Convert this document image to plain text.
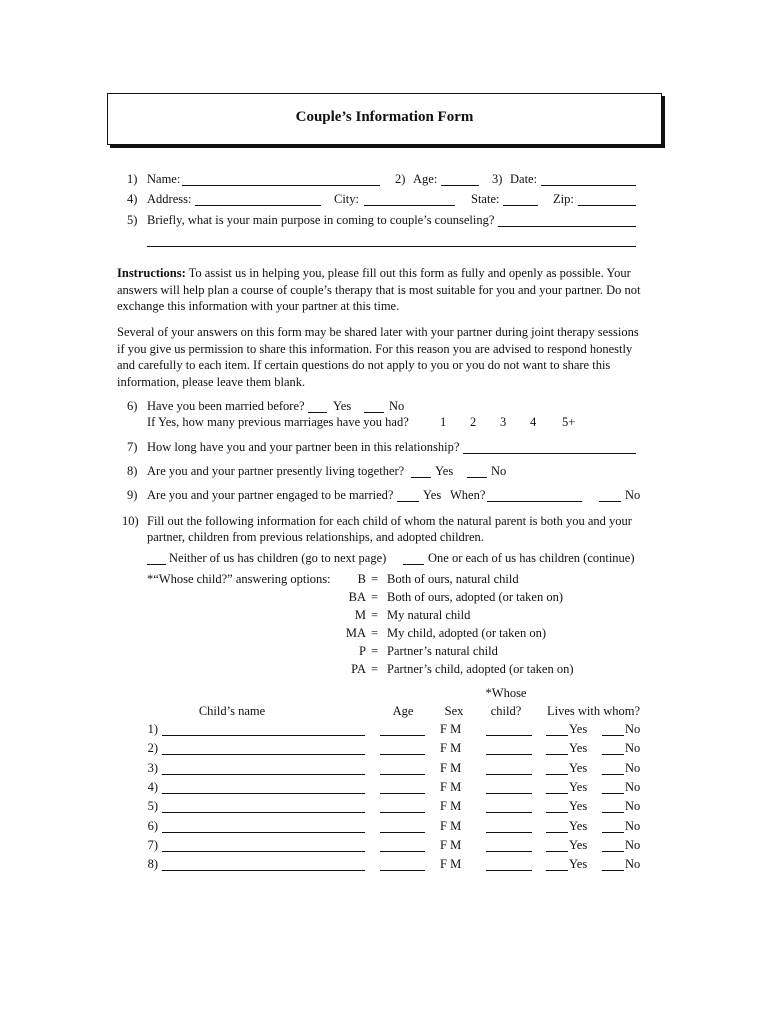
Couple’s Information Form
1) Name:	2) Age:	3) Date:
4) Address:	City:	State:	Zip:
5) Briefly, what is your main purpose in coming to couple’s counseling?
Instructions: To assist us in helping you, please fill out this form as fully and openly as possible. Your answers will help plan a course of couple’s therapy that is most suitable for you and your partner. Do not exchange this information with your partner at this time.
Several of your answers on this form may be shared later with your partner during joint therapy sessions if you give us permission to share this information. For this reason you are advised to respond honestly and carefully to each item. If certain questions do not apply to you or you do not want to share this information, please leave them blank.
6) Have you been married before? Yes	No
If Yes, how many previous marriages have you had?	1 2 3 4 5+
7) How long have you and your partner been in this relationship?
8) Are you and your partner presently living together? Yes	No
9) Are you and your partner engaged to be married? Yes When?	No
10) Fill out the following information for each child of whom the natural parent is both you and your
partner, children from previous relationships, and adopted children.
Neither of us has children (go to next page)	One or each of us has children (continue)
*“Whose child?” answering options:	B = Both of ours, natural child
BA = Both of ours, adopted (or taken on)
M = My natural child
MA = My child, adopted (or taken on)
P = Partner’s natural child
PA = Partner’s child, adopted (or taken on)
*Whose
Child’s name	Age	Sex	child?	Lives with whom?
1)	F M	Yes	No
2)	F M	Yes	No
3)	F M	Yes	No
4)	F M	Yes	No
5)	F M	Yes	No
6)	F M	Yes	No
7)	F M	Yes	No
8)	F M	Yes	No
